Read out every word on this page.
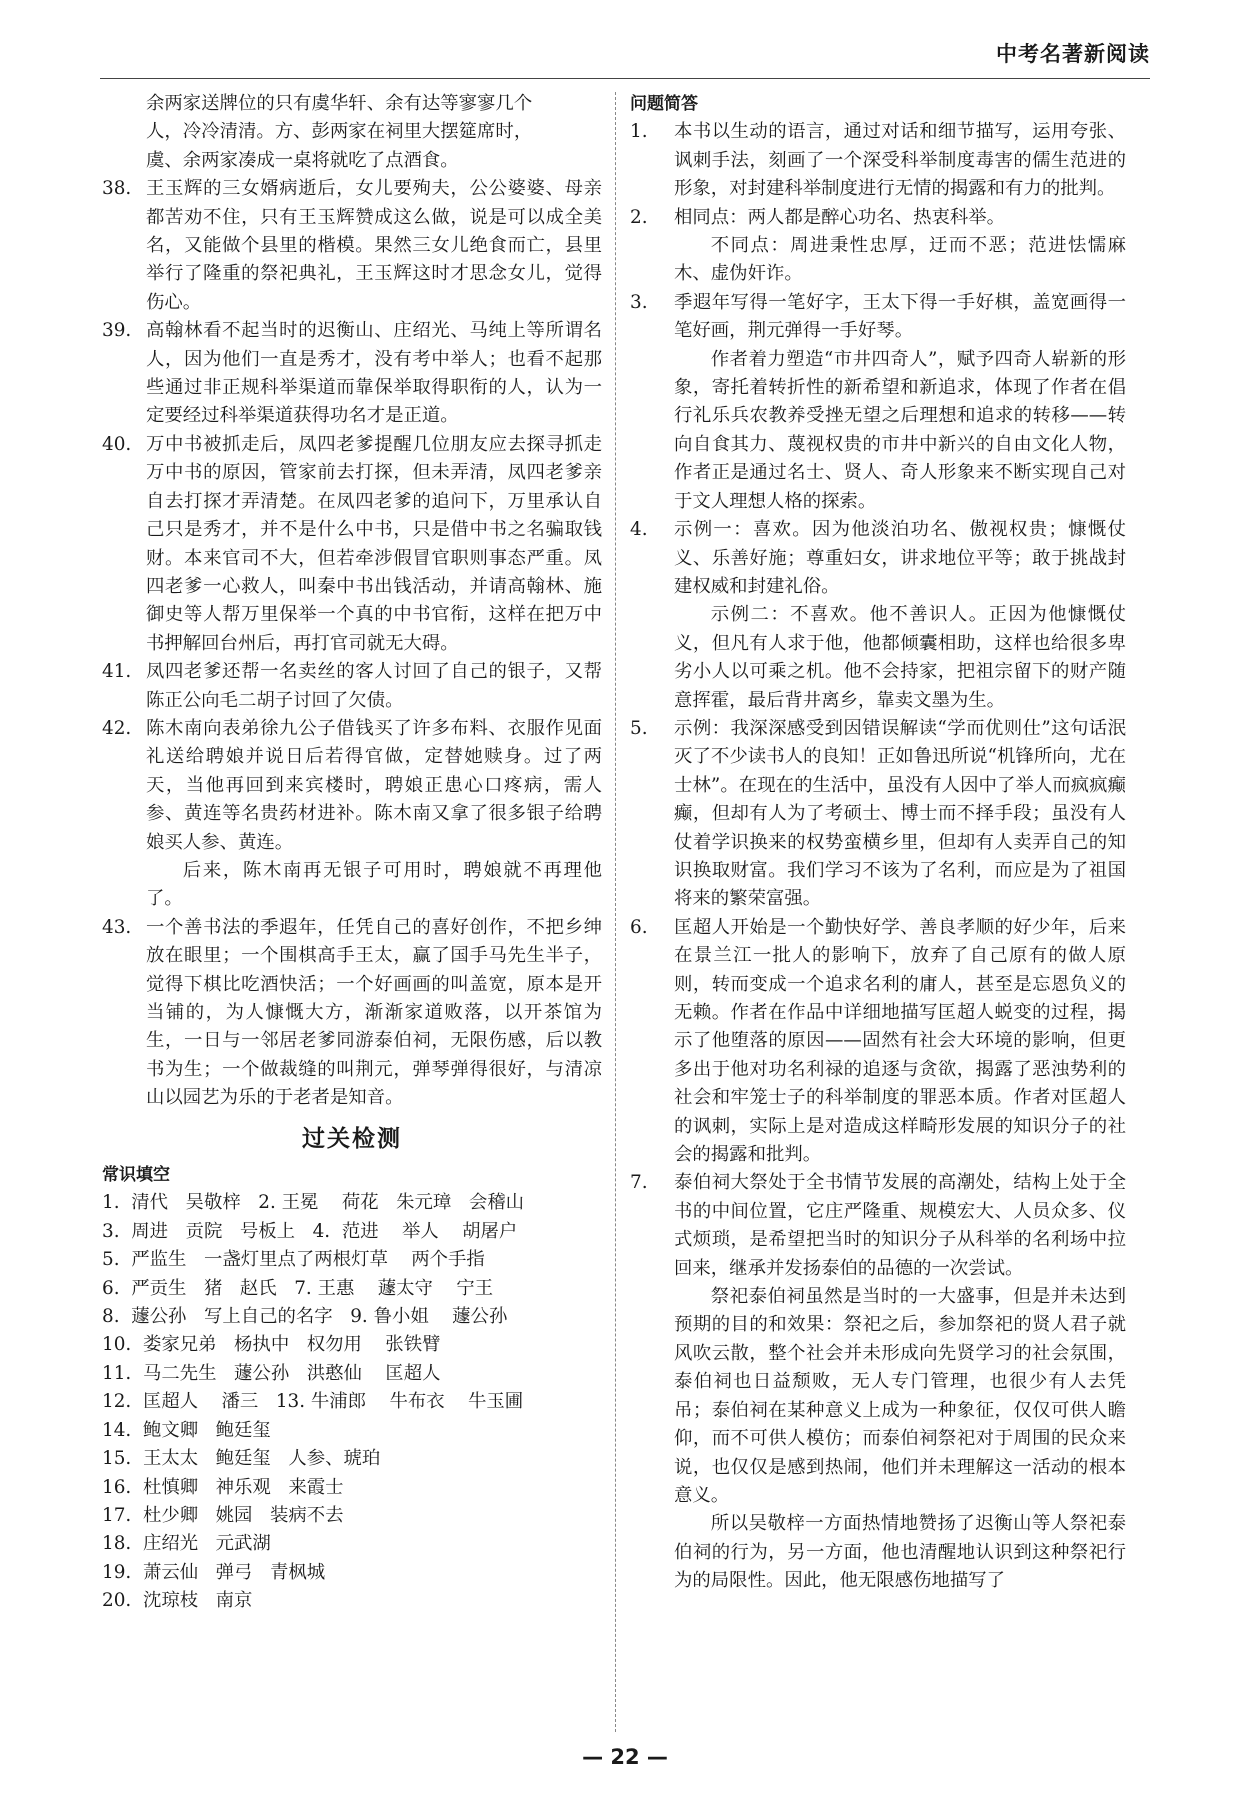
中考名著新阅读
余两家送牌位的只有虞华轩、余有达等寥寥几个
人，冷冷清清。方、彭两家在祠里大摆筵席时，
虞、余两家凑成一桌将就吃了点酒食。
38. 王玉辉的三女婿病逝后，女儿要殉夫，公公婆婆、母亲都苦劝不住，只有王玉辉赞成这么做，说是可以成全美名，又能做个县里的楷模。果然三女儿绝食而亡，县里举行了隆重的祭祀典礼，王玉辉这时才思念女儿，觉得伤心。
39. 高翰林看不起当时的迟衡山、庄绍光、马纯上等所谓名人，因为他们一直是秀才，没有考中举人；也看不起那些通过非正规科举渠道而靠保举取得职衔的人，认为一定要经过科举渠道获得功名才是正道。
40. 万中书被抓走后，凤四老爹提醒几位朋友应去探寻抓走万中书的原因，管家前去打探，但未弄清，凤四老爹亲自去打探才弄清楚。在凤四老爹的追问下，万里承认自己只是秀才，并不是什么中书，只是借中书之名骗取钱财。本来官司不大，但若牵涉假冒官职则事态严重。凤四老爹一心救人，叫秦中书出钱活动，并请高翰林、施御史等人帮万里保举一个真的中书官衔，这样在把万中书押解回台州后，再打官司就无大碍。
41. 凤四老爹还帮一名卖丝的客人讨回了自己的银子，又帮陈正公向毛二胡子讨回了欠债。
42. 陈木南向表弟徐九公子借钱买了许多布料、衣服作见面礼送给聘娘并说日后若得官做，定替她赎身。过了两天，当他再回到来宾楼时，聘娘正患心口疼病，需人参、黄连等名贵药材进补。陈木南又拿了很多银子给聘娘买人参、黄连。
后来，陈木南再无银子可用时，聘娘就不再理他了。
43. 一个善书法的季遐年，任凭自己的喜好创作，不把乡绅放在眼里；一个围棋高手王太，赢了国手马先生半子，觉得下棋比吃酒快活；一个好画画的叫盖宽，原本是开当铺的，为人慷慨大方，渐渐家道败落，以开茶馆为生，一日与一邻居老爹同游泰伯祠，无限伤感，后以教书为生；一个做裁缝的叫荆元，弹琴弹得很好，与清凉山以园艺为乐的于老者是知音。
过关检测
常识填空
1.  清代   吴敬梓   2. 王冕    荷花   朱元璋   会稽山
3.  周进   贡院   号板上   4.  范进    举人    胡屠户
5.  严监生   一盏灯里点了两根灯草    两个手指
6.  严贡生   猪   赵氏   7. 王惠    蘧太守    宁王
8.  蘧公孙   写上自己的名字   9. 鲁小姐    蘧公孙
10.  娄家兄弟   杨执中   权勿用    张铁臂
11.  马二先生   蘧公孙   洪憨仙    匡超人
12.  匡超人    潘三   13. 牛浦郎    牛布衣    牛玉圃
14.  鲍文卿   鲍廷玺
15.  王太太   鲍廷玺   人参、琥珀
16.  杜慎卿   神乐观   来霞士
17.  杜少卿   姚园   装病不去
18.  庄绍光   元武湖
19.  萧云仙   弹弓   青枫城
20.  沈琼枝   南京
问题简答
1.	本书以生动的语言，通过对话和细节描写，运用夸张、讽刺手法，刻画了一个深受科举制度毒害的儒生范进的形象，对封建科举制度进行无情的揭露和有力的批判。
2.	相同点：两人都是醉心功名、热衷科举。
不同点：周进秉性忠厚，迂而不恶；范进怯懦麻木、虚伪奸诈。
3.	季遐年写得一笔好字，王太下得一手好棋，盖宽画得一笔好画，荆元弹得一手好琴。
作者着力塑造“市井四奇人”，赋予四奇人崭新的形象，寄托着转折性的新希望和新追求，体现了作者在倡行礼乐兵农教养受挫无望之后理想和追求的转移——转向自食其力、蔑视权贵的市井中新兴的自由文化人物，作者正是通过名士、贤人、奇人形象来不断实现自己对于文人理想人格的探索。
4.	示例一：喜欢。因为他淡泊功名、傲视权贵；慷慨仗义、乐善好施；尊重妇女，讲求地位平等；敢于挑战封建权威和封建礼俗。
示例二：不喜欢。他不善识人。正因为他慷慨仗义，但凡有人求于他，他都倾囊相助，这样也给很多卑劣小人以可乘之机。他不会持家，把祖宗留下的财产随意挥霍，最后背井离乡，靠卖文墨为生。
5.	示例：我深深感受到因错误解读“学而优则仕”这句话泯灭了不少读书人的良知！正如鲁迅所说“机锋所向，尤在士林”。在现在的生活中，虽没有人因中了举人而疯疯癫癫，但却有人为了考硕士、博士而不择手段；虽没有人仗着学识换来的权势蛮横乡里，但却有人卖弄自己的知识换取财富。我们学习不该为了名利，而应是为了祖国将来的繁荣富强。
6.	匡超人开始是一个勤快好学、善良孝顺的好少年，后来在景兰江一批人的影响下，放弃了自己原有的做人原则，转而变成一个追求名利的庸人，甚至是忘恩负义的无赖。作者在作品中详细地描写匡超人蜕变的过程，揭示了他堕落的原因——固然有社会大环境的影响，但更多出于他对功名利禄的追逐与贪欲，揭露了恶浊势利的社会和牢笼士子的科举制度的罪恶本质。作者对匡超人的讽刺，实际上是对造成这样畸形发展的知识分子的社会的揭露和批判。
7.	泰伯祠大祭处于全书情节发展的高潮处，结构上处于全书的中间位置，它庄严隆重、规模宏大、人员众多、仪式烦琐，是希望把当时的知识分子从科举的名利场中拉回来，继承并发扬泰伯的品德的一次尝试。
祭祀泰伯祠虽然是当时的一大盛事，但是并未达到预期的目的和效果：祭祀之后，参加祭祀的贤人君子就风吹云散，整个社会并未形成向先贤学习的社会氛围，泰伯祠也日益颓败，无人专门管理，也很少有人去凭吊；泰伯祠在某种意义上成为一种象征，仅仅可供人瞻仰，而不可供人模仿；而泰伯祠祭祀对于周围的民众来说，也仅仅是感到热闹，他们并未理解这一活动的根本意义。
所以吴敬梓一方面热情地赞扬了迟衡山等人祭祀泰伯祠的行为，另一方面，他也清醒地认识到这种祭祀行为的局限性。因此，他无限感伤地描写了
— 22 —
